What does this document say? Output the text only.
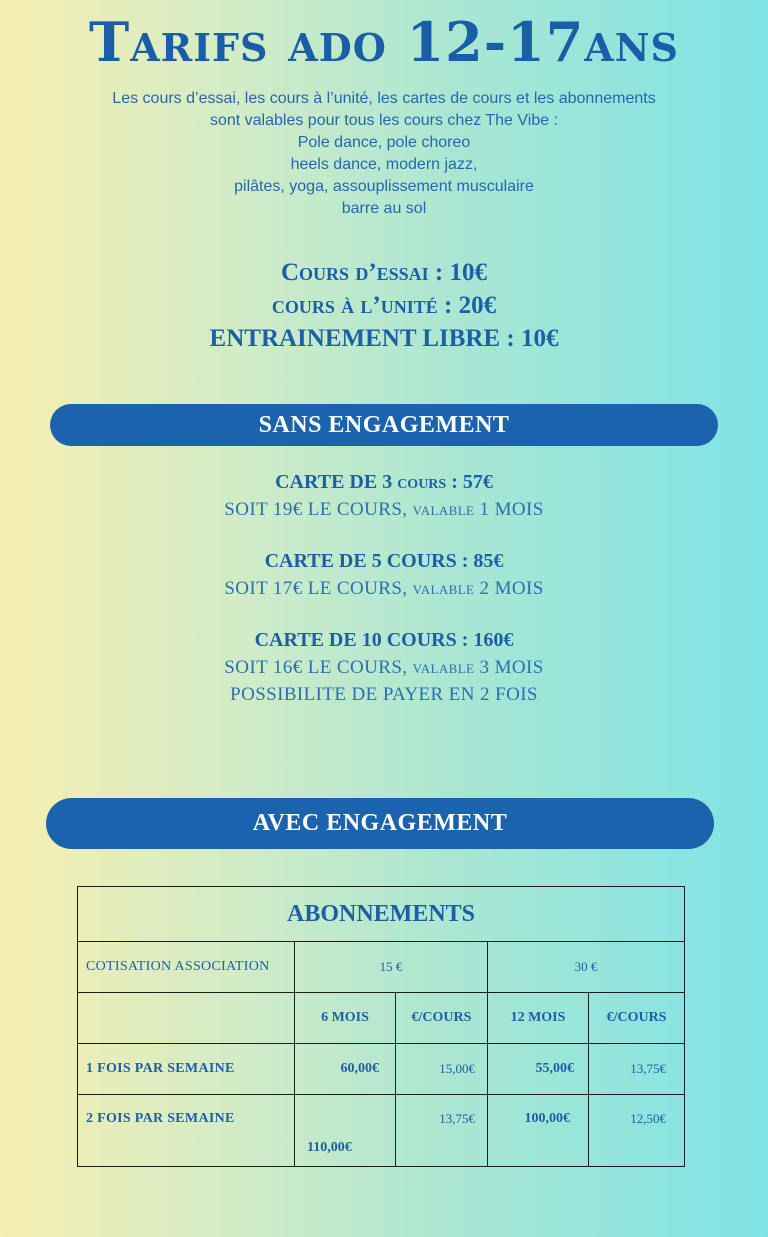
Tarifs ado 12-17ans
Les cours d’essai, les cours à l’unité, les cartes de cours et les abonnements
sont valables pour tous les cours chez The Vibe :
Pole dance, pole choreo
heels dance, modern jazz,
pilâtes, yoga, assouplissement musculaire
barre au sol
Cours d’essai : 10€
cours à l’unité : 20€
ENTRAINEMENT LIBRE : 10€
SANS ENGAGEMENT
CARTE DE 3 cours : 57€
SOIT 19€ LE COURS, valable 1 MOIS
CARTE DE 5 COURS : 85€
SOIT 17€ LE COURS, valable 2 MOIS
CARTE DE 10 COURS : 160€
SOIT 16€ LE COURS, valable 3 MOIS
POSSIBILITE DE PAYER EN 2 FOIS
AVEC ENGAGEMENT
ABONNEMENTS				
COTISATION ASSOCIATION	15 €		30 €	
	6 MOIS	€/COURS	12 MOIS	€/COURS
1 FOIS PAR SEMAINE	60,00€	15,00€	55,00€	13,75€
2 FOIS PAR SEMAINE	110,00€	13,75€	100,00€	12,50€
